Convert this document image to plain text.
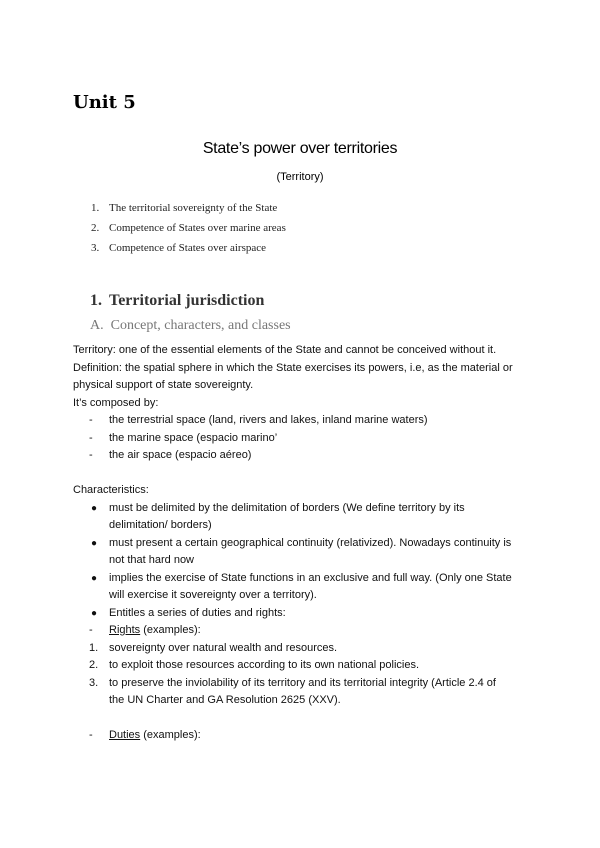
Unit 5
State’s power over territories
(Territory)
1. The territorial sovereignty of the State
2. Competence of States over marine areas
3. Competence of States over airspace
1. Territorial jurisdiction
A. Concept, characters, and classes

Territory: one of the essential elements of the State and cannot be conceived without it.

Definition: the spatial sphere in which the State exercises its powers, i.e, as the material or

physical support of state sovereignty.

It’s composed by:

- the terrestrial space (land, rivers and lakes, inland marine waters)
- the marine space (espacio marino’
- the air space (espacio aéreo)

Characteristics:

● must be delimited by the delimitation of borders (We define territory by its
delimitation/ borders)
● must present a certain geographical continuity (relativized). Nowadays continuity is
not that hard now
● implies the exercise of State functions in an exclusive and full way. (Only one State
will exercise it sovereignty over a territory).
● Entitles a series of duties and rights:
- Rights (examples):
1. sovereignty over natural wealth and resources.
2. to exploit those resources according to its own national policies.
3. to preserve the inviolability of its territory and its territorial integrity (Article 2.4 of
the UN Charter and GA Resolution 2625 (XXV).
- Duties (examples):
